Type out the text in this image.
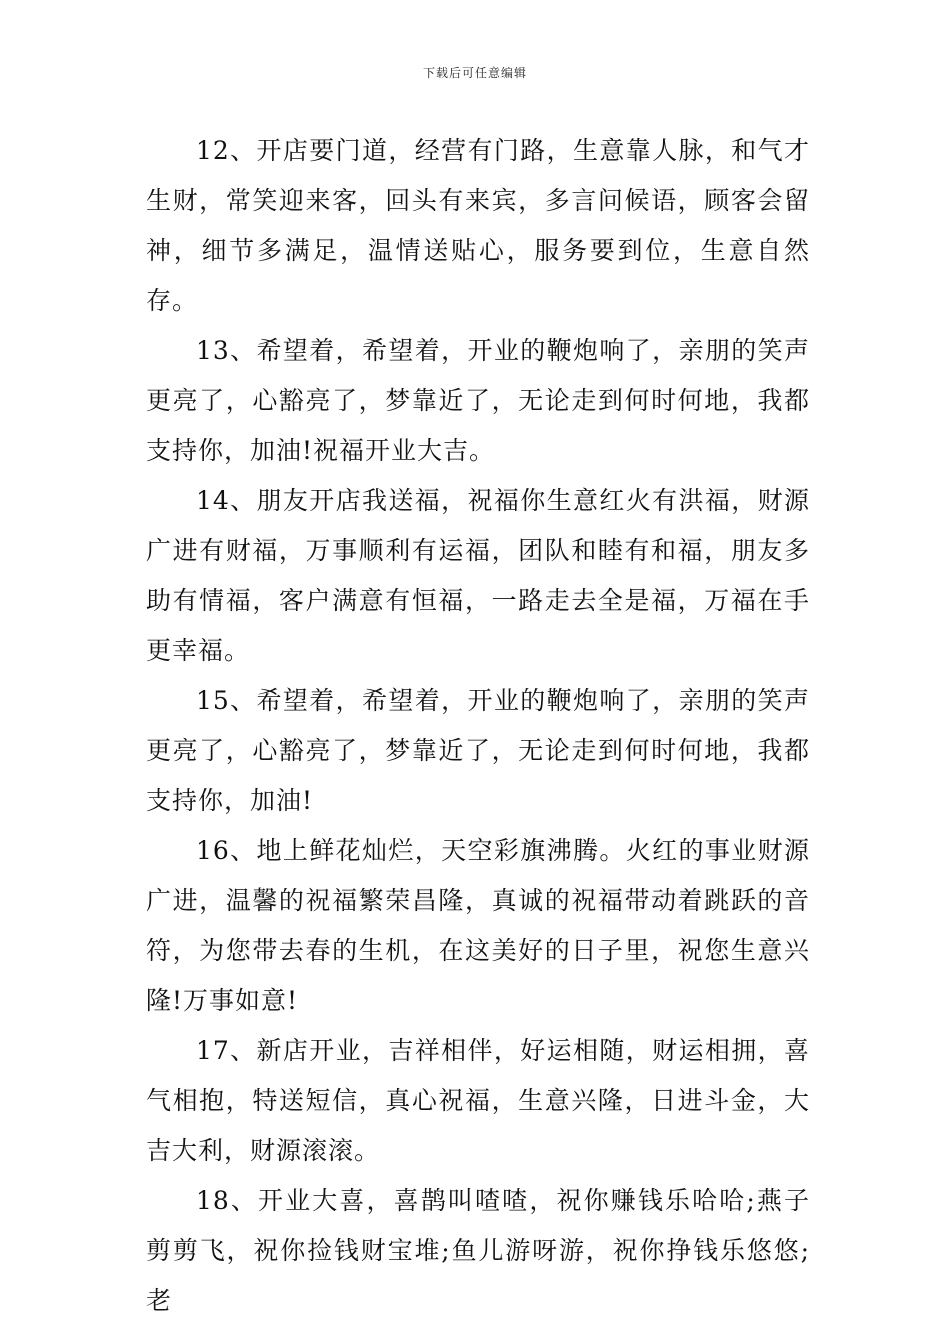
下载后可任意编辑

12、开店要门道，经营有门路，生意靠人脉，和气才生财，常笑迎来客，回头有来宾，多言问候语，顾客会留神，细节多满足，温情送贴心，服务要到位，生意自然存。

13、希望着，希望着，开业的鞭炮响了，亲朋的笑声更亮了，心豁亮了，梦靠近了，无论走到何时何地，我都支持你，加油!祝福开业大吉。

14、朋友开店我送福，祝福你生意红火有洪福，财源广进有财福，万事顺利有运福，团队和睦有和福，朋友多助有情福，客户满意有恒福，一路走去全是福，万福在手更幸福。

15、希望着，希望着，开业的鞭炮响了，亲朋的笑声更亮了，心豁亮了，梦靠近了，无论走到何时何地，我都支持你，加油!

16、地上鲜花灿烂，天空彩旗沸腾。火红的事业财源广进，温馨的祝福繁荣昌隆，真诚的祝福带动着跳跃的音符，为您带去春的生机，在这美好的日子里，祝您生意兴隆!万事如意!

17、新店开业，吉祥相伴，好运相随，财运相拥，喜气相抱，特送短信，真心祝福，生意兴隆，日进斗金，大吉大利，财源滚滚。

18、开业大喜，喜鹊叫喳喳，祝你赚钱乐哈哈;燕子剪剪飞，祝你捡钱财宝堆;鱼儿游呀游，祝你挣钱乐悠悠;老
